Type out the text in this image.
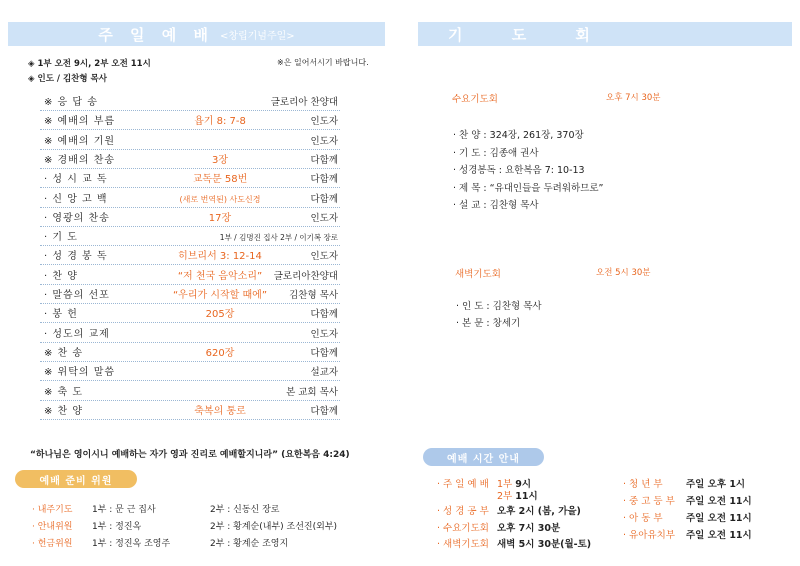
주 일 예 배 <창립기념주일>
◈ 1부 오전 9시, 2부 오전 11시	※은 일어서시기 바랍니다.
◈ 인도 / 김찬형 목사
※ 응 답 송	글로리아 찬양대
※ 예배의 부름	욥기 8: 7-8	인도자
※ 예배의 기원	인도자
※ 경배의 찬송	3장	다함께
· 성 시 교 독	교독문 58번	다함께
· 신 앙 고 백	(새로 번역된) 사도신경	다함께
· 영광의 찬송	17장	인도자
· 기 도	1부 / 김명진 집사 2부 / 이기복 장로
· 성 경 봉 독	히브리서 3: 12-14	인도자
· 찬 양	“저 천국 음악소리”	글로리아찬양대
· 말씀의 선포	“우리가 시작할 때에”	김찬형 목사
· 봉 헌	205장	다함께
· 성도의 교제	인도자
※ 찬 송	620장	다함께
※ 위탁의 말씀	설교자
※ 축 도	본 교회 목사
※ 찬 양	축복의 통로	다함께
“하나님은 영이시니 예배하는 자가 영과 진리로 예배할지니라” (요한복음 4:24)
예배 준비 위원
· 내주기도 1부 : 문 근 집사	2부 : 신동신 장로
· 안내위원 1부 : 정진옥	2부 : 황계순(내부) 조선진(외부)
· 헌금위원 1부 : 정진옥 조영주	2부 : 황계순 조영지
기 도 회
수요기도회	오후 7시 30분
· 찬 양 : 324장, 261장, 370장
· 기 도 : 김종애 권사
· 성경봉독 : 요한복음 7: 10-13
· 제 목 : “유대인들을 두려워하므로”
· 설 교 : 김찬형 목사
새벽기도회	오전 5시 30분
· 인 도 : 김찬형 목사
· 본 문 : 창세기
예배 시간 안내
· 주 일 예 배 1부 9시
2부 11시
· 성 경 공 부 오후 2시 (봄, 가을)
· 수요기도회 오후 7시 30분
· 새벽기도회 새벽 5시 30분(월-토)
· 청 년 부 주일 오후 1시
· 중 고 등 부 주일 오전 11시
· 아 동 부 주일 오전 11시
· 유아유치부 주일 오전 11시
